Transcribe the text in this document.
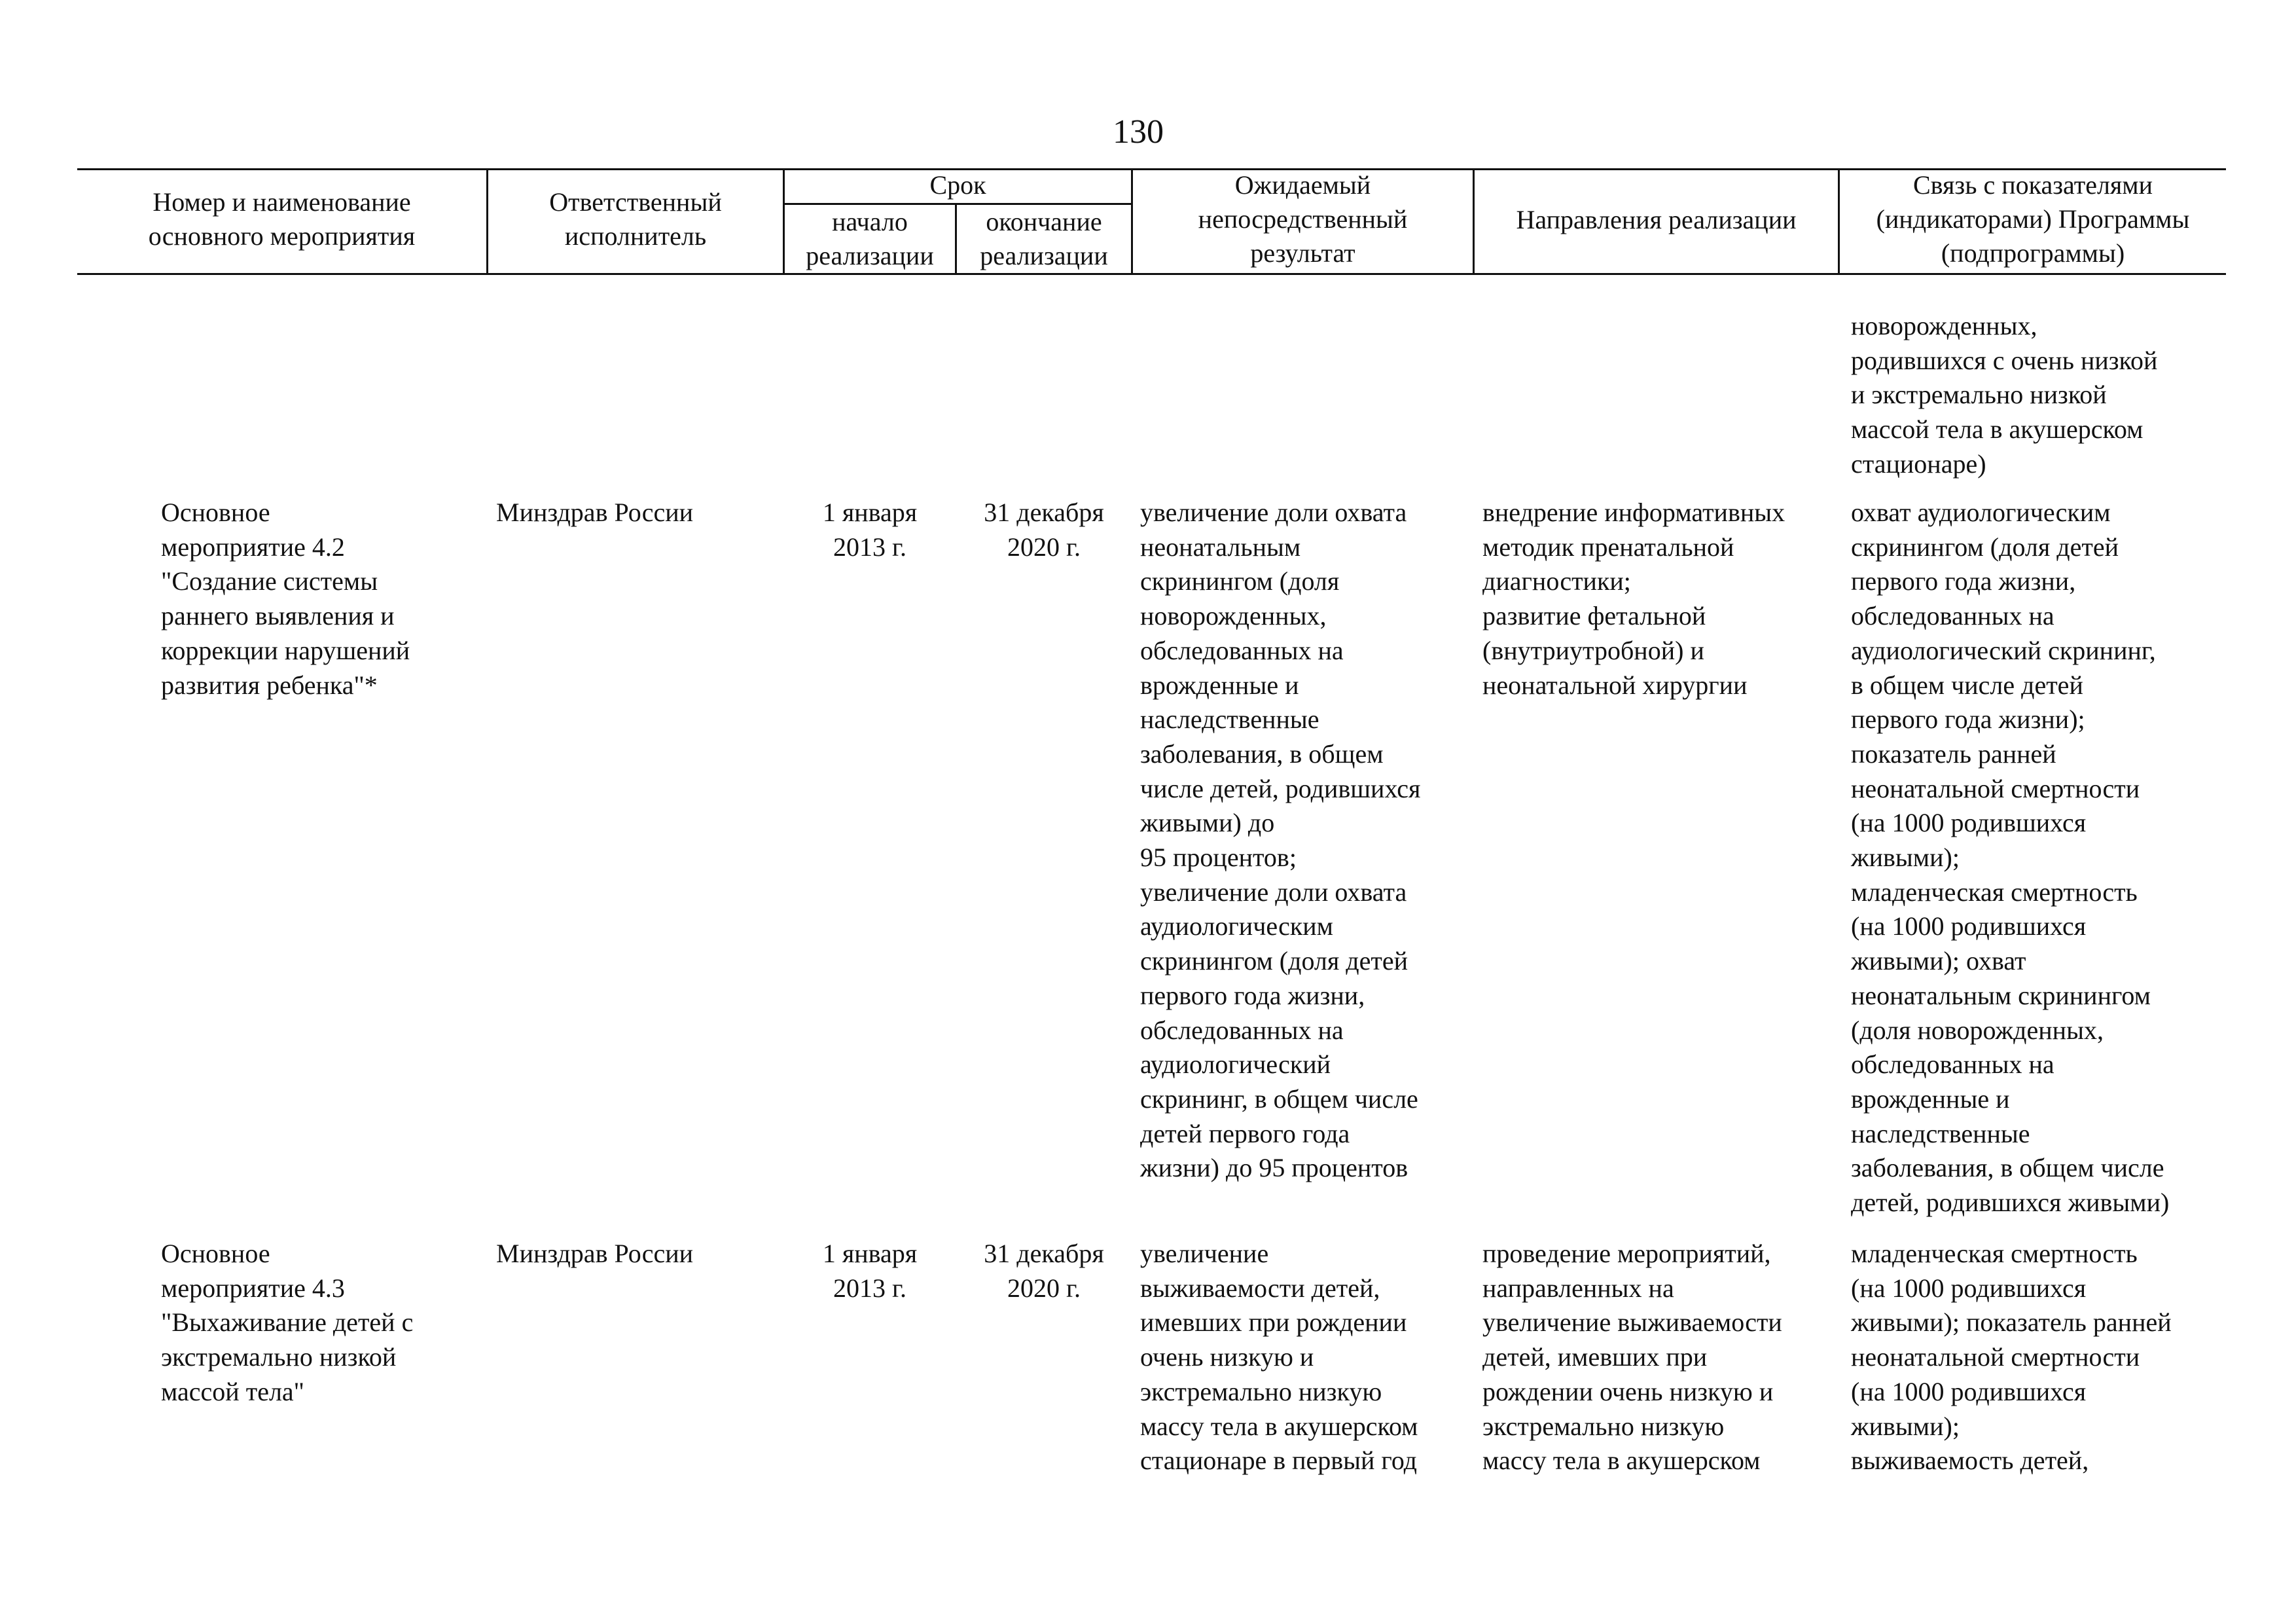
130
Номер и наименование
основного мероприятия
Ответственный
исполнитель
Срок
начало
реализации
окончание
реализации
Ожидаемый
непосредственный
результат
Направления реализации
Связь с показателями
(индикаторами) Программы
(подпрограммы)
новорожденных,
родившихся с очень низкой
и экстремально низкой
массой тела в акушерском
стационаре)
Основное
мероприятие 4.2
"Создание системы
раннего выявления и
коррекции нарушений
развития ребенка"*
Минздрав России	1 января
2013 г.
31 декабря
2020 г.
увеличение доли охвата
неонатальным
скринингом (доля
новорожденных,
обследованных на
врожденные и
наследственные
заболевания, в общем
числе детей, родившихся
живыми) до
95 процентов;
увеличение доли охвата
аудиологическим
скринингом (доля детей
первого года жизни,
обследованных на
аудиологический
скрининг, в общем числе
детей первого года
жизни) до 95 процентов
внедрение информативных
методик пренатальной
диагностики;
развитие фетальной
(внутриутробной) и
неонатальной хирургии
охват аудиологическим
скринингом (доля детей
первого года жизни,
обследованных на
аудиологический скрининг,
в общем числе детей
первого года жизни);
показатель ранней
неонатальной смертности
(на 1000 родившихся
живыми);
младенческая смертность
(на 1000 родившихся
живыми); охват
неонатальным скринингом
(доля новорожденных,
обследованных на
врожденные и
наследственные
заболевания, в общем числе
детей, родившихся живыми)
Основное
мероприятие 4.3
"Выхаживание детей с
экстремально низкой
массой тела"
Минздрав России	1 января
2013 г.
31 декабря
2020 г.
увеличение
выживаемости детей,
имевших при рождении
очень низкую и
экстремально низкую
массу тела в акушерском
стационаре в первый год
проведение мероприятий,
направленных на
увеличение выживаемости
детей, имевших при
рождении очень низкую и
экстремально низкую
массу тела в акушерском
младенческая смертность
(на 1000 родившихся
живыми); показатель ранней
неонатальной смертности
(на 1000 родившихся
живыми);
выживаемость детей,
